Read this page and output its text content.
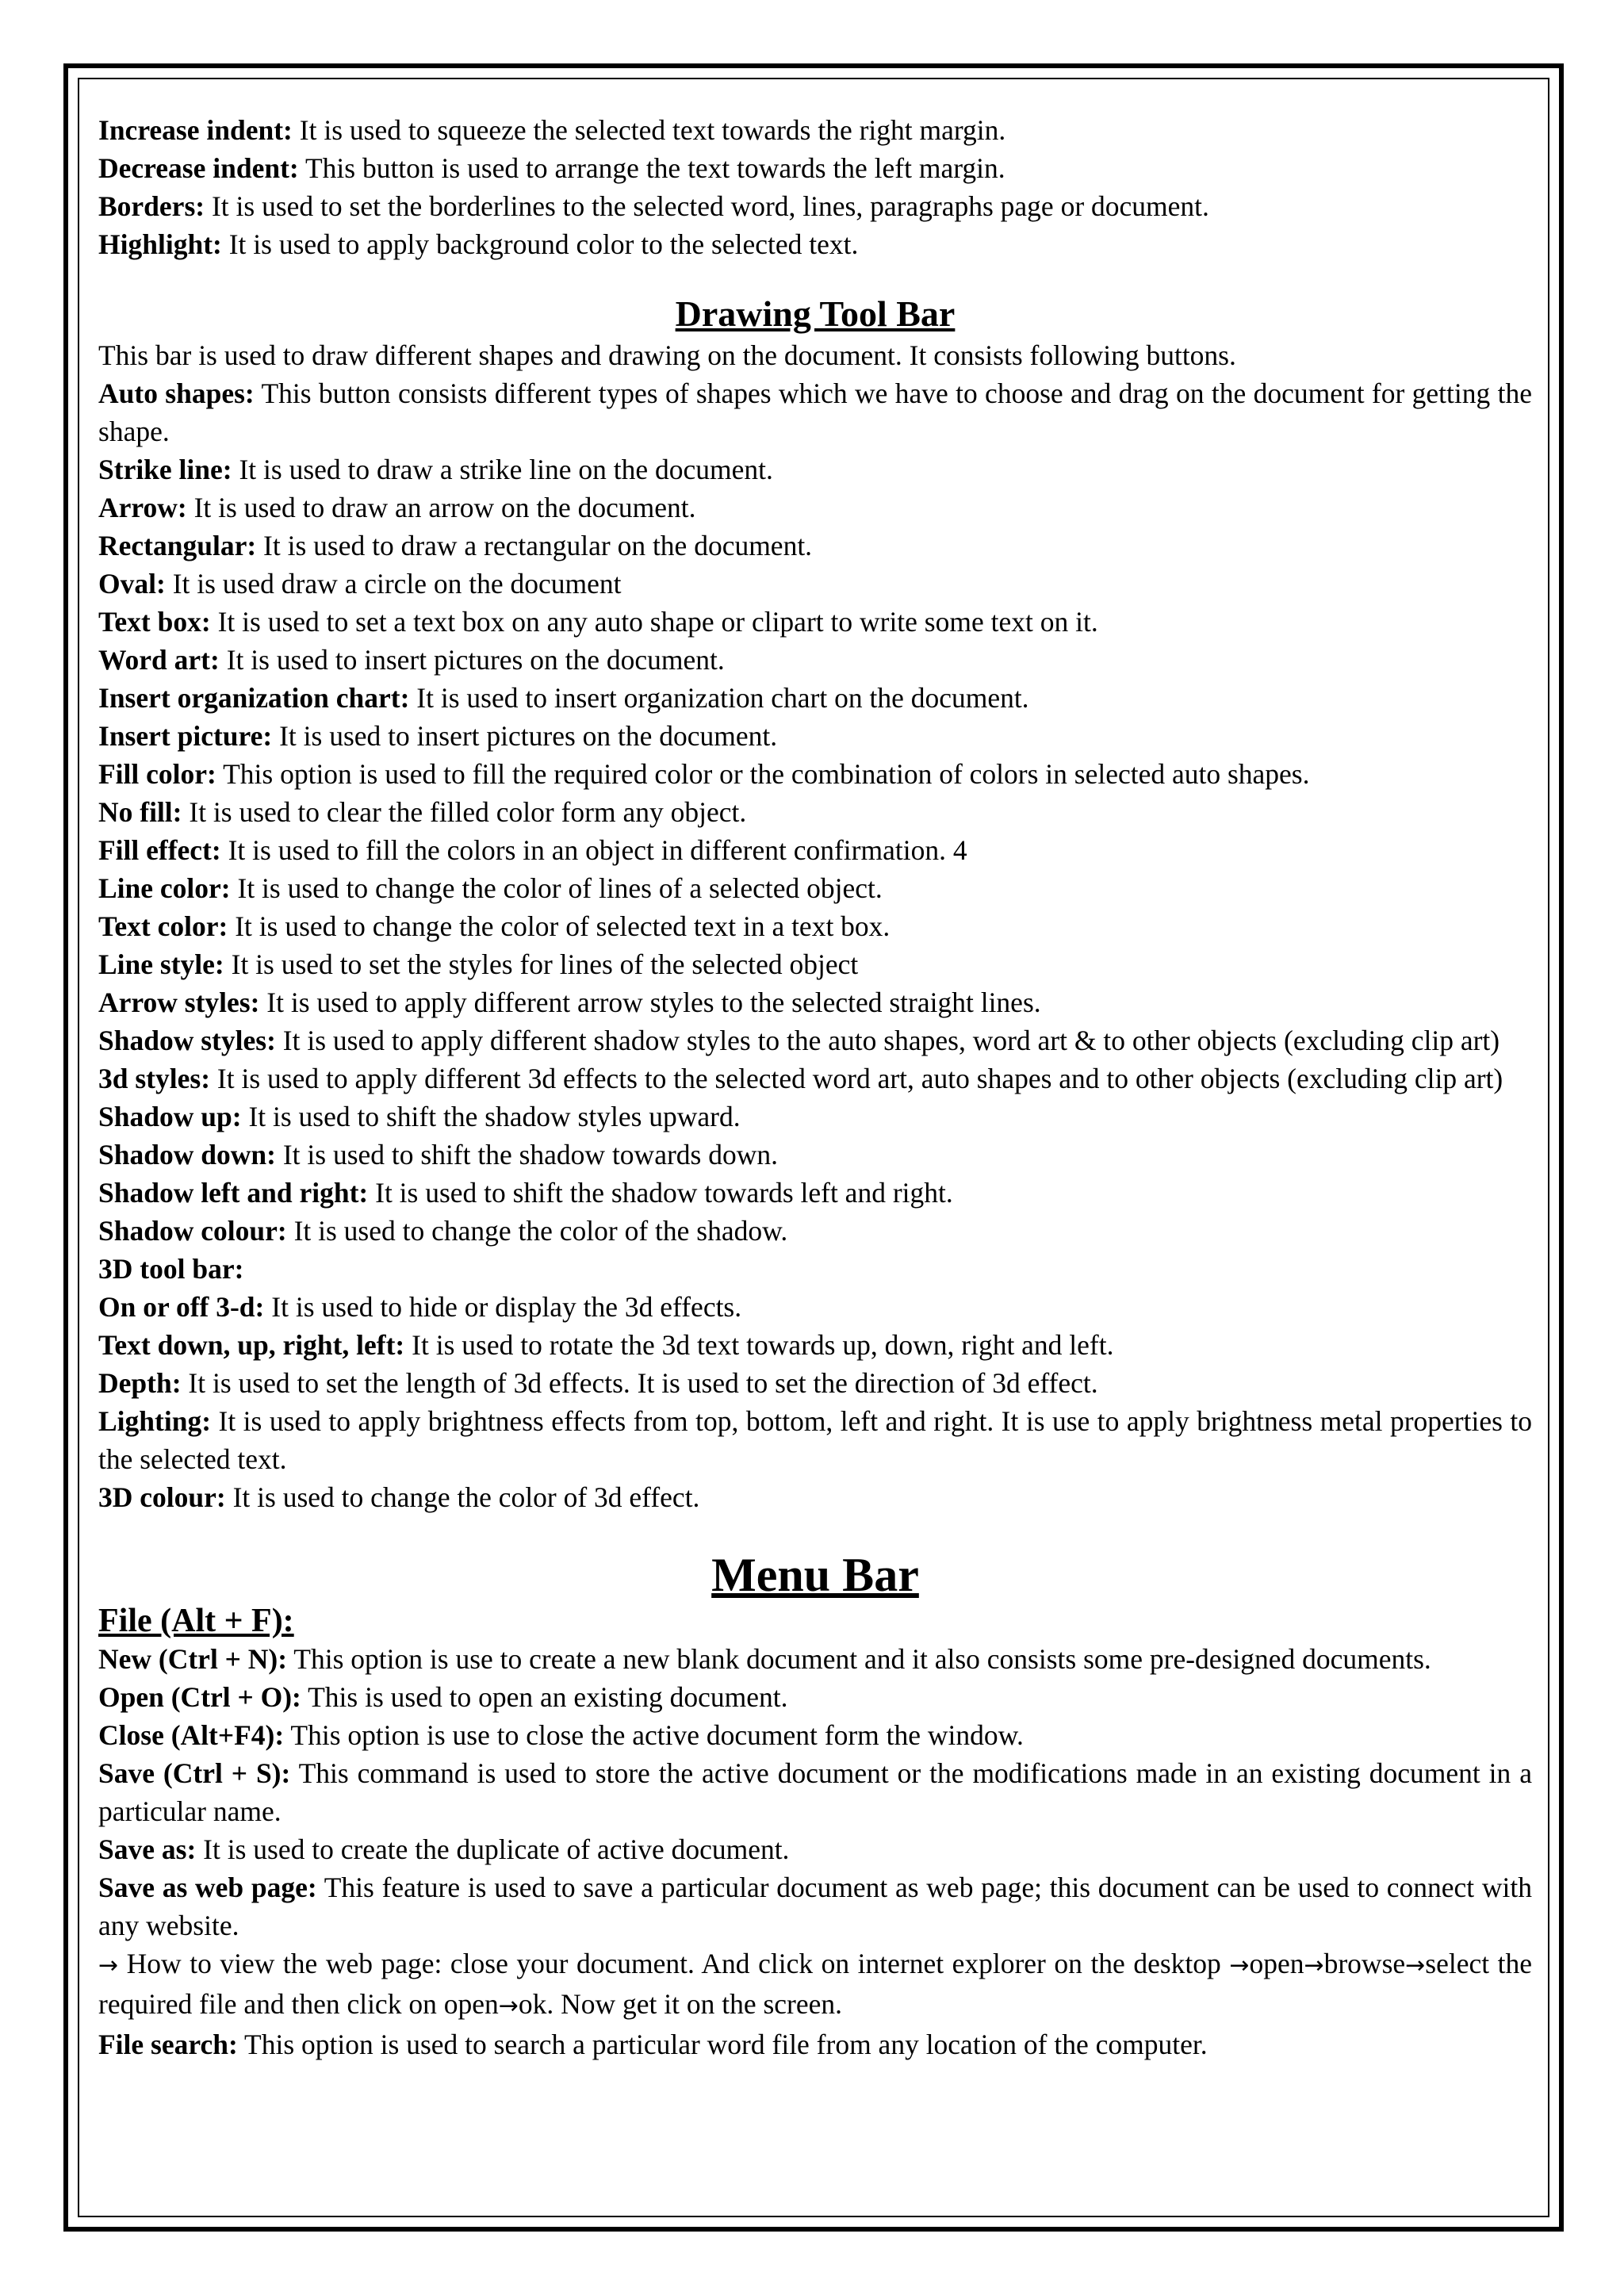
Increase indent: It is used to squeeze the selected text towards the right margin.

Decrease indent: This button is used to arrange the text towards the left margin.

Borders: It is used to set the borderlines to the selected word, lines, paragraphs page or document.

Highlight: It is used to apply background color to the selected text.

Drawing Tool Bar

This bar is used to draw different shapes and drawing on the document. It consists following buttons.

Auto shapes: This button consists different types of shapes which we have to choose and drag on the document for getting the shape.

Strike line: It is used to draw a strike line on the document.

Arrow: It is used to draw an arrow on the document.

Rectangular: It is used to draw a rectangular on the document.

Oval: It is used draw a circle on the document

Text box: It is used to set a text box on any auto shape or clipart to write some text on it.

Word art: It is used to insert pictures on the document.

Insert organization chart: It is used to insert organization chart on the document.

Insert picture: It is used to insert pictures on the document.

Fill color: This option is used to fill the required color or the combination of colors in selected auto shapes.

No fill: It is used to clear the filled color form any object.

Fill effect: It is used to fill the colors in an object in different confirmation. 4

Line color: It is used to change the color of lines of a selected object.

Text color: It is used to change the color of selected text in a text box.

Line style: It is used to set the styles for lines of the selected object

Arrow styles: It is used to apply different arrow styles to the selected straight lines.

Shadow styles: It is used to apply different shadow styles to the auto shapes, word art & to other objects (excluding clip art)

3d styles: It is used to apply different 3d effects to the selected word art, auto shapes and to other objects (excluding clip art)

Shadow up: It is used to shift the shadow styles upward.

Shadow down: It is used to shift the shadow towards down.

Shadow left and right: It is used to shift the shadow towards left and right.

Shadow colour: It is used to change the color of the shadow.

3D tool bar:

On or off 3-d: It is used to hide or display the 3d effects.

Text down, up, right, left: It is used to rotate the 3d text towards up, down, right and left.

Depth: It is used to set the length of 3d effects. It is used to set the direction of 3d effect.

Lighting: It is used to apply brightness effects from top, bottom, left and right. It is use to apply brightness metal properties to the selected text.

3D colour: It is used to change the color of 3d effect.

Menu Bar

File (Alt + F):

New (Ctrl + N): This option is use to create a new blank document and it also consists some pre-designed documents.

Open (Ctrl + O): This is used to open an existing document.

Close (Alt+F4): This option is use to close the active document form the window.

Save (Ctrl + S): This command is used to store the active document or the modifications made in an existing document in a particular name.

Save as: It is used to create the duplicate of active document.

Save as web page: This feature is used to save a particular document as web page; this document can be used to connect with any website.

→ How to view the web page: close your document. And click on internet explorer on the desktop →open→browse→select the required file and then click on open→ok. Now get it on the screen.

File search: This option is used to search a particular word file from any location of the computer.
